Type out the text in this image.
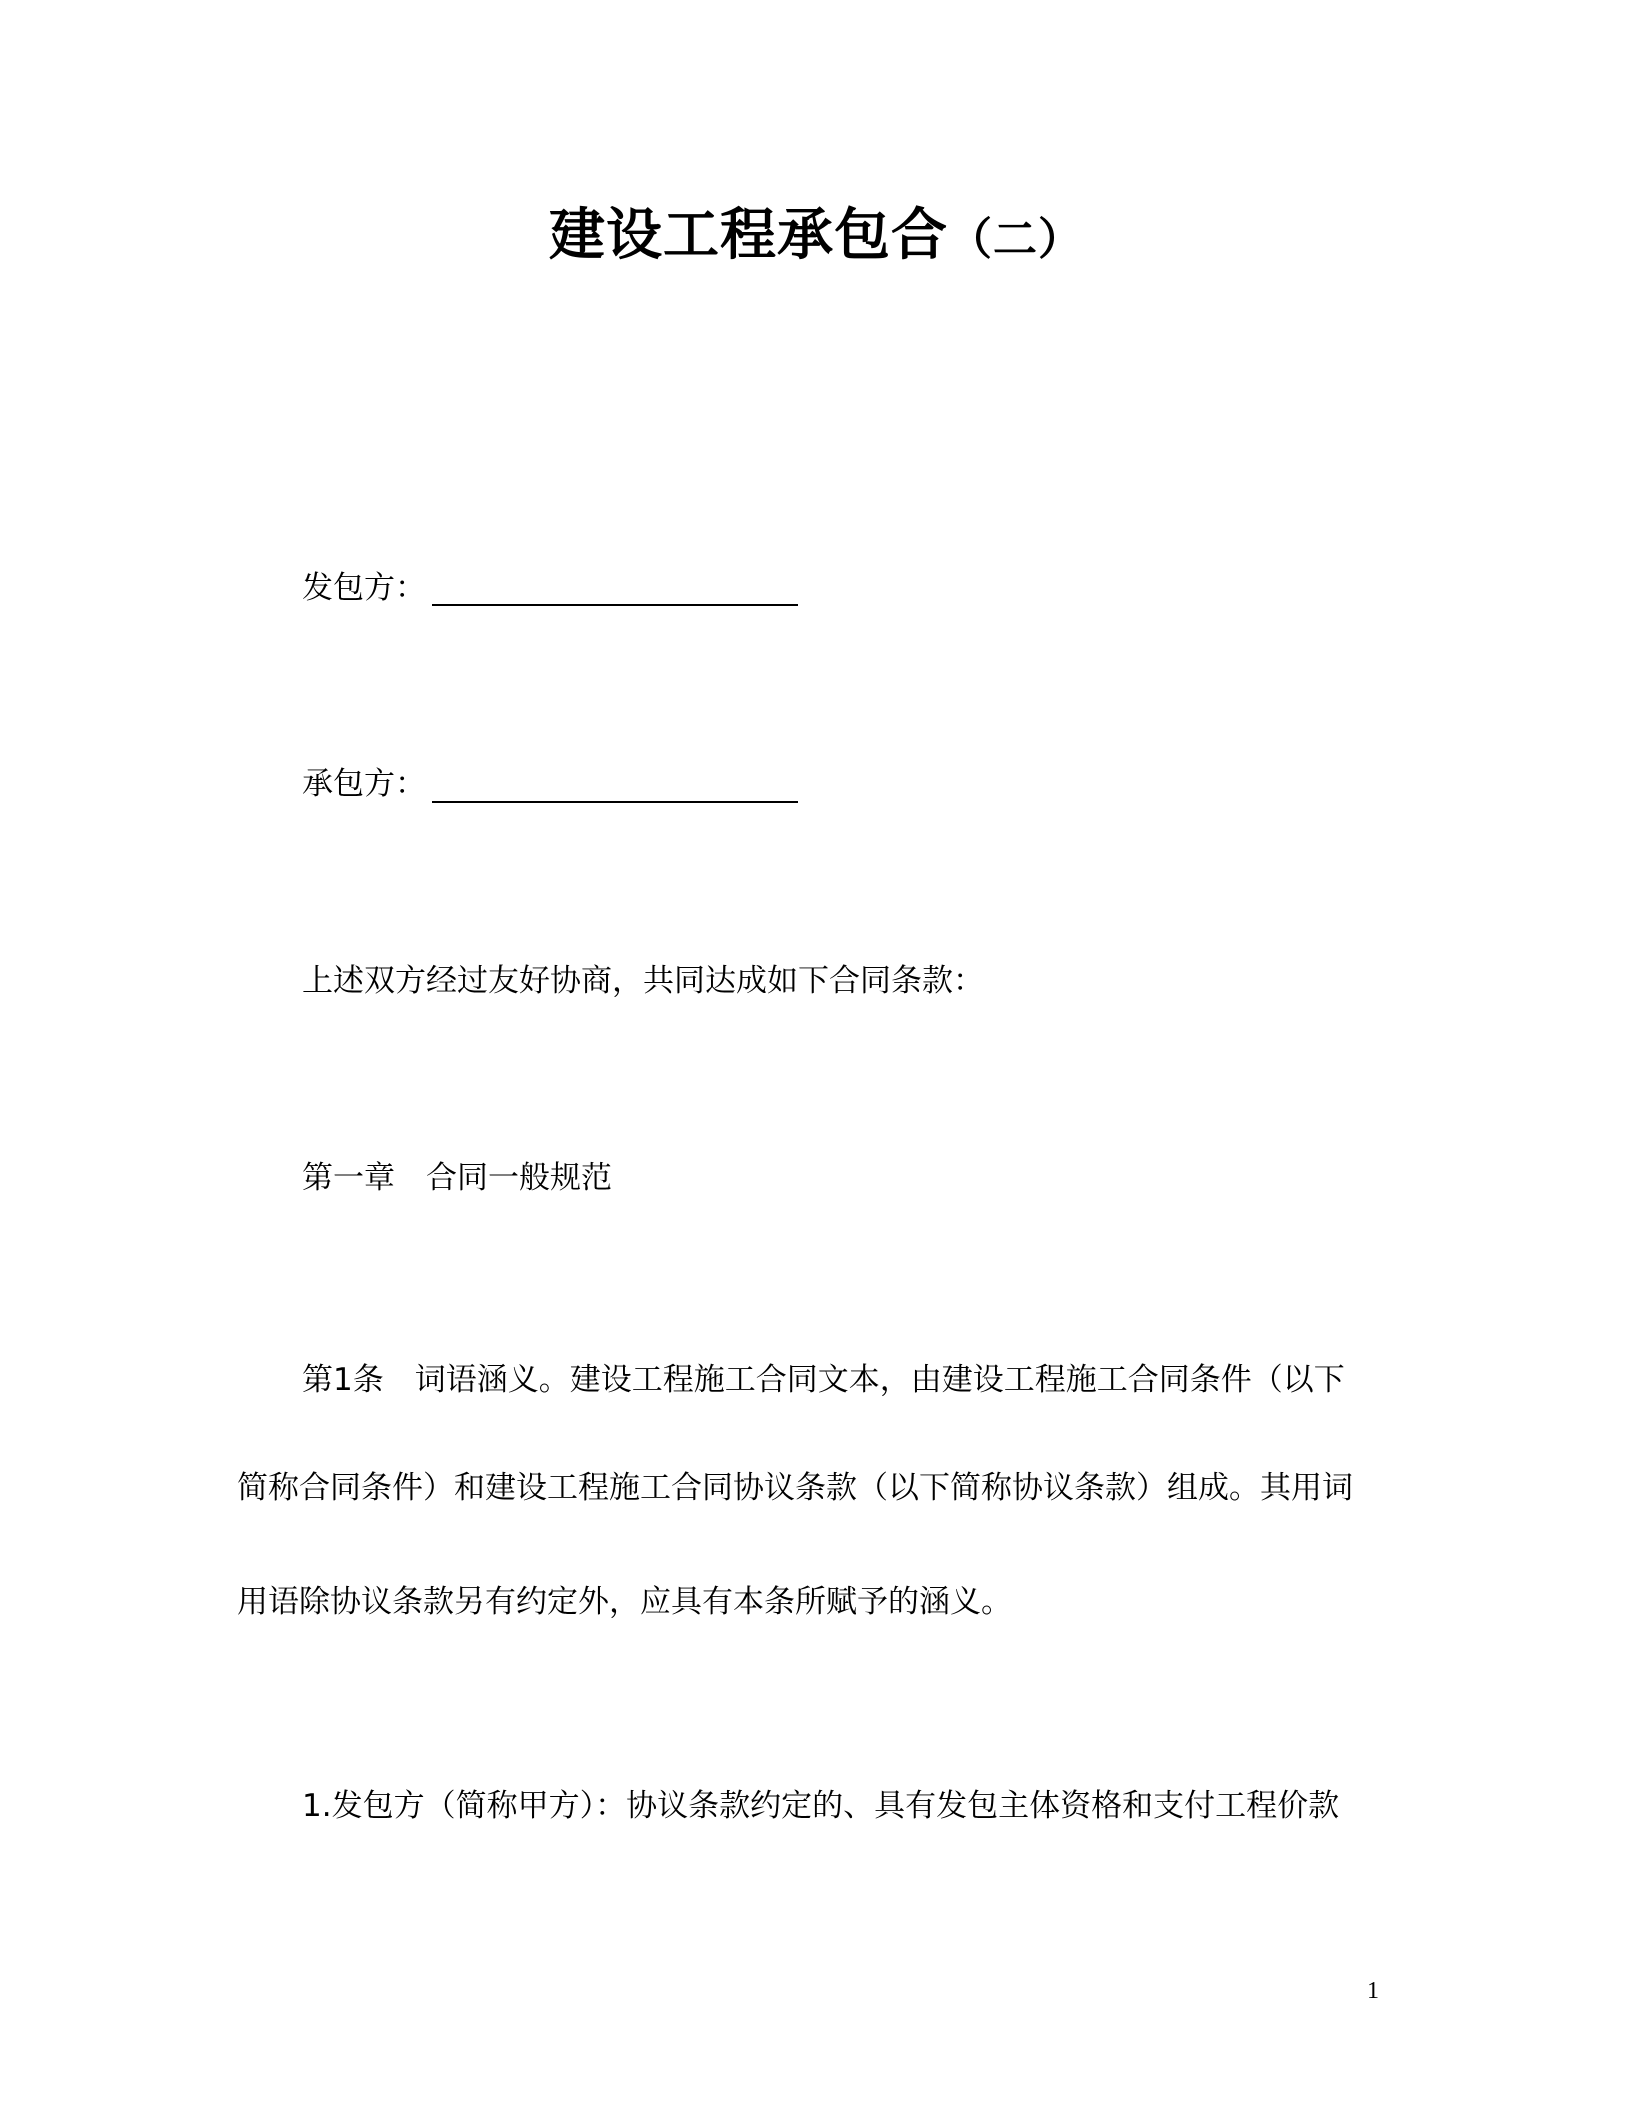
建设工程承包合（二）
发包方：
承包方：
上述双方经过友好协商，共同达成如下合同条款：
第一章　合同一般规范
第1条　词语涵义。建设工程施工合同文本，由建设工程施工合同条件（以下
简称合同条件）和建设工程施工合同协议条款（以下简称协议条款）组成。其用词
用语除协议条款另有约定外，应具有本条所赋予的涵义。
1.发包方（简称甲方）：协议条款约定的、具有发包主体资格和支付工程价款
1
